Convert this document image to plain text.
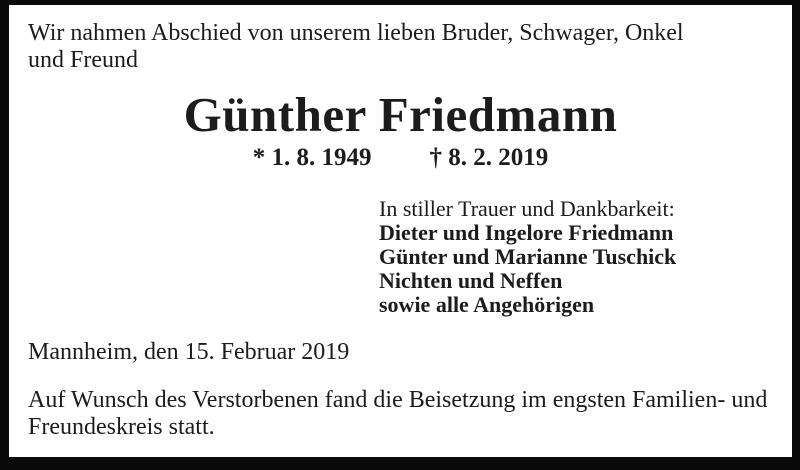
Wir nahmen Abschied von unserem lieben Bruder, Schwager, Onkel
und Freund
Günther Friedmann
* 1. 8. 1949 † 8. 2. 2019
In stiller Trauer und Dankbarkeit:
Dieter und Ingelore Friedmann
Günter und Marianne Tuschick
Nichten und Neffen
sowie alle Angehörigen
Mannheim, den 15. Februar 2019
Auf Wunsch des Verstorbenen fand die Beisetzung im engsten Familien- und
Freundeskreis statt.
